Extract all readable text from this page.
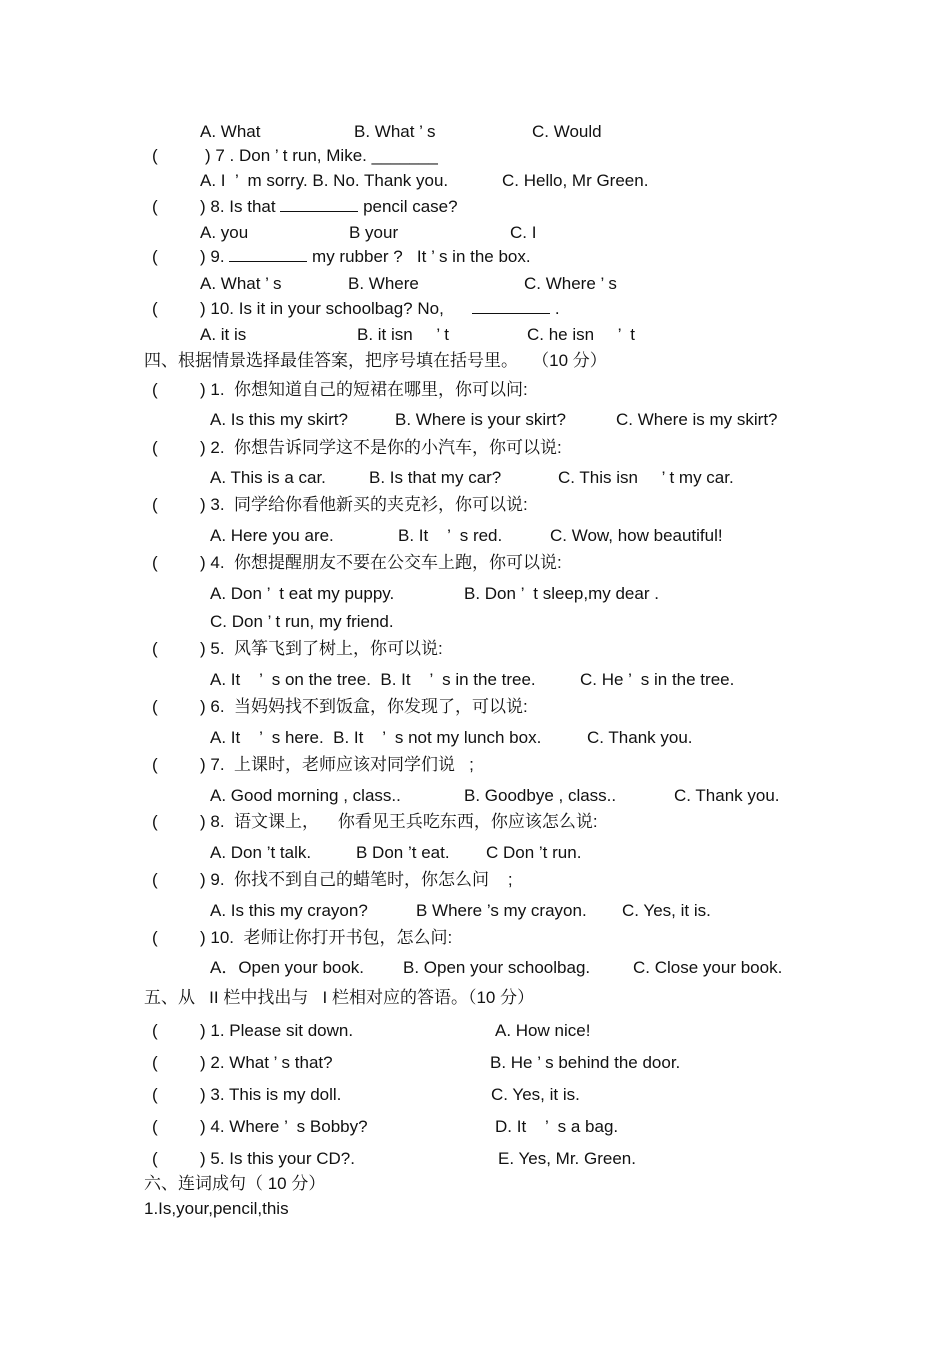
A. What	B. What ’ s	C. Would
(	) 7 . Don ’ t run, Mike. _______
A. I  ’  m sorry. B. No. Thank you.	C. Hello, Mr Green.
( ) 8. Is that	pencil case?
A. you	B your	C. I
( ) 9.	my rubber ?   It ’ s in the box.
A. What ’ s	B. Where	C. Where ’ s
( ) 10. Is it in your schoolbag? No,	.
A. it is	B. it isn     ’ t	C. he isn     ’  t
四、根据情景选择最佳答案，把序号填在括号里。   （10 分）
( ) 1. 你想知道自己的短裙在哪里，你可以问:
A. Is this my skirt?	B. Where is your skirt?	C. Where is my skirt?
( ) 2. 你想告诉同学这不是你的小汽车，你可以说:
A. This is a car.	B. Is that my car?	C. This isn     ’ t my car.
( ) 3. 同学给你看他新买的夹克衫，你可以说:
A. Here you are.	B. It    ’  s red.	C. Wow, how beautiful!
( ) 4. 你想提醒朋友不要在公交车上跑，你可以说:
A. Don ’  t eat my puppy.	B. Don ’  t sleep,my dear .
C. Don ’ t run, my friend.
( ) 5. 风筝飞到了树上，你可以说:
A. It    ’  s on the tree.  B. It    ’  s in the tree.	C. He ’  s in the tree.
( ) 6. 当妈妈找不到饭盒，你发现了，可以说:
A. It    ’  s here.  B. It    ’  s not my lunch box.	C. Thank you.
( ) 7. 上课时，老师应该对同学们说   ;
A. Good morning , class..	B. Goodbye , class..	C. Thank you.
( ) 8. 语文课上，    你看见王兵吃东西，你应该怎么说:
A. Don ’t talk.	B Don ’t eat. C Don ’t run.
( ) 9. 你找不到自己的蜡笔时，你怎么问    ;
A. Is this my crayon?	B Where ’s my crayon. C. Yes, it is.
( ) 10. 老师让你打开书包，怎么问:
A．Open your book. B. Open your schoolbag.	C. Close your book.
五、从   II 栏中找出与   I 栏相对应的答语。（10 分）
( ) 1. Please sit down.	A. How nice!
( ) 2. What ’ s that?	B. He ’ s behind the door.
( ) 3. This is my doll.	C. Yes, it is.
( ) 4. Where ’  s Bobby?	D. It    ’  s a bag.
( ) 5. Is this your CD?.	E. Yes, Mr. Green.
六、连词成句（ 10 分）
1.Is,your,pencil,this
